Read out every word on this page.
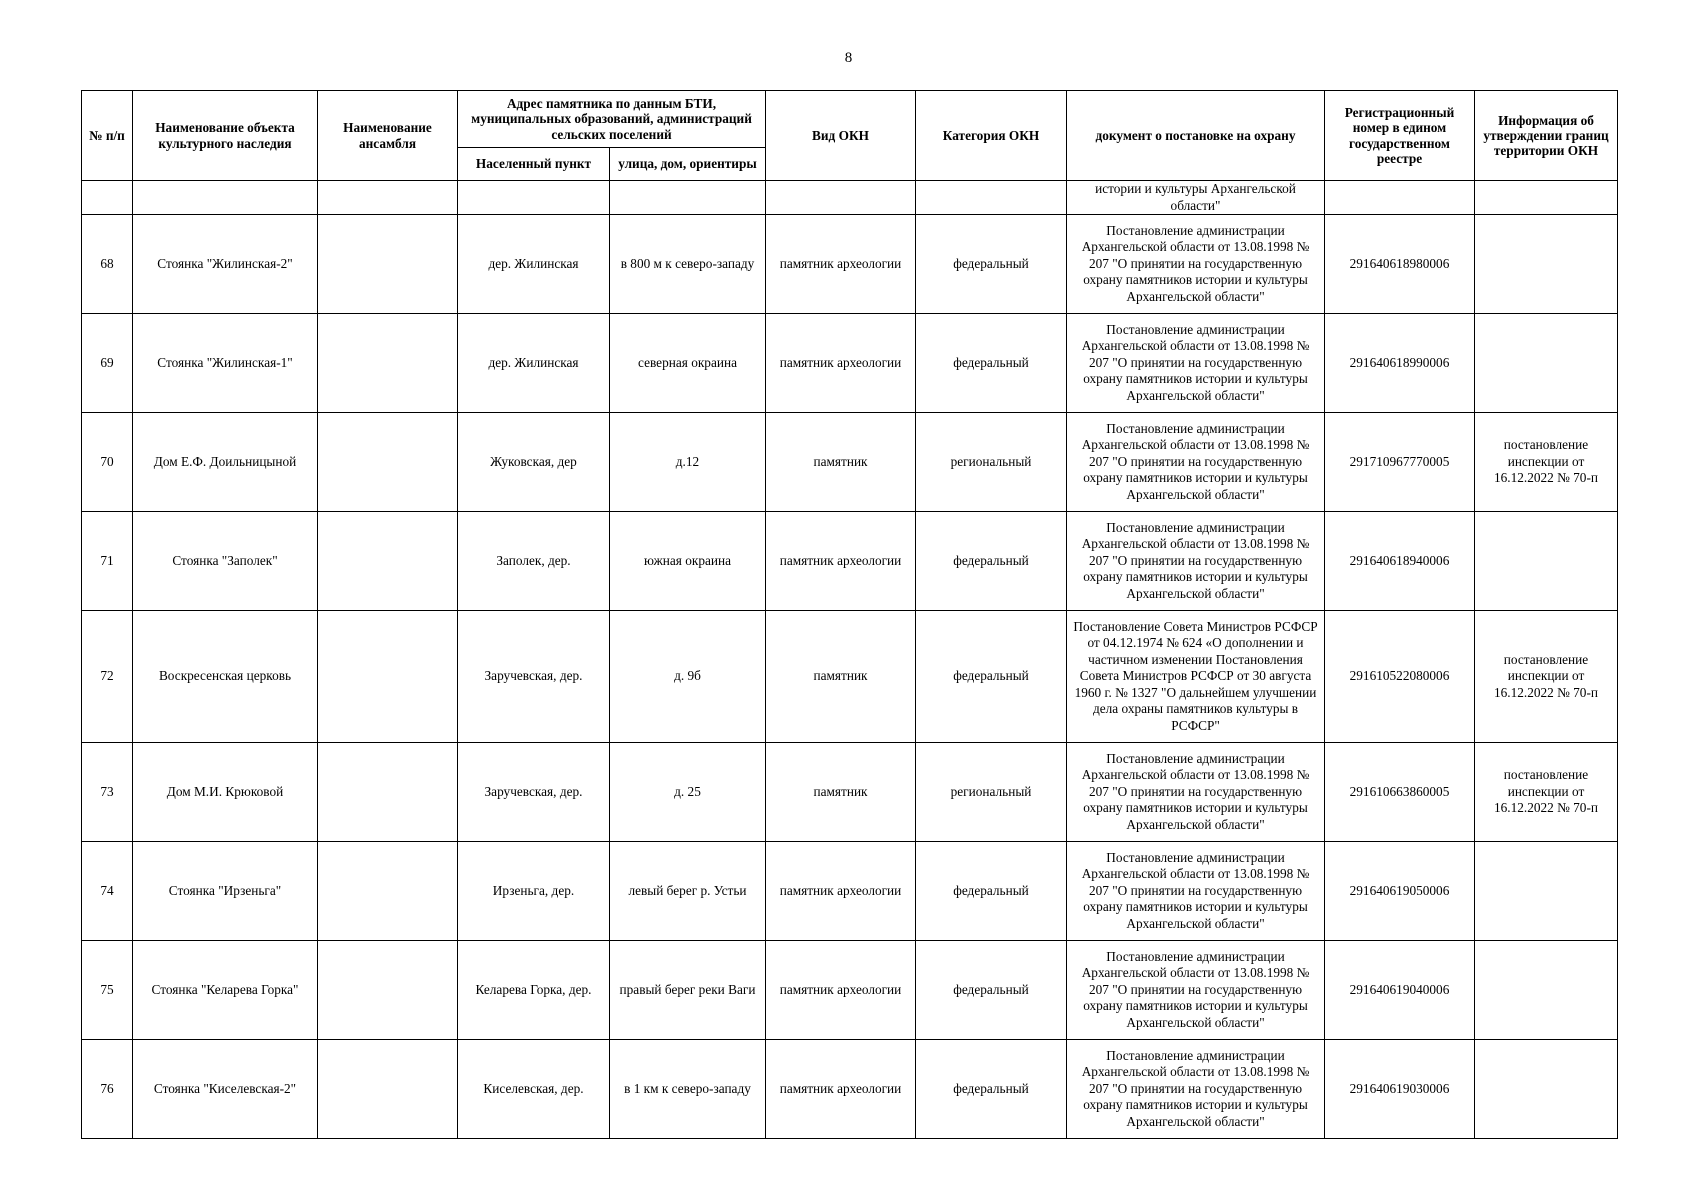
8
№ п/п	Наименование объекта культурного наследия	Наименование ансамбля	Адрес памятника по данным БТИ, муниципальных образований, администраций сельских поселений		Вид ОКН	Категория ОКН	документ о постановке на охрану	Регистрационный номер в едином государственном реестре	Информация об утверждении границ территории ОКН
			Населенный пункт	улица, дом, ориентиры					
							истории и культуры Архангельской области"		
68	Стоянка "Жилинская-2"		дер. Жилинская	в 800 м к северо-западу	памятник археологии	федеральный	Постановление администрации Архангельской области от 13.08.1998 № 207 "О принятии на государственную охрану памятников истории и культуры Архангельской области"	291640618980006	
69	Стоянка "Жилинская-1"		дер. Жилинская	северная окраина	памятник археологии	федеральный	Постановление администрации Архангельской области от 13.08.1998 № 207 "О принятии на государственную охрану памятников истории и культуры Архангельской области"	291640618990006	
70	Дом Е.Ф. Доильницыной		Жуковская, дер	д.12	памятник	региональный	Постановление администрации Архангельской области от 13.08.1998 № 207 "О принятии на государственную охрану памятников истории и культуры Архангельской области"	291710967770005	постановление инспекции от 16.12.2022 № 70-п
71	Стоянка "Заполек"		Заполек, дер.	южная окраина	памятник археологии	федеральный	Постановление администрации Архангельской области от 13.08.1998 № 207 "О принятии на государственную охрану памятников истории и культуры Архангельской области"	291640618940006	
72	Воскресенская церковь		Заручевская, дер.	д. 9б	памятник	федеральный	Постановление Совета Министров РСФСР от 04.12.1974 № 624 «О дополнении и частичном изменении Постановления Совета Министров РСФСР от 30 августа 1960 г. № 1327 "О дальнейшем улучшении дела охраны памятников культуры в РСФСР"	291610522080006	постановление инспекции от 16.12.2022 № 70-п
73	Дом М.И. Крюковой		Заручевская, дер.	д. 25	памятник	региональный	Постановление администрации Архангельской области от 13.08.1998 № 207 "О принятии на государственную охрану памятников истории и культуры Архангельской области"	291610663860005	постановление инспекции от 16.12.2022 № 70-п
74	Стоянка "Ирзеньга"		Ирзеньга, дер.	левый берег р. Устьи	памятник археологии	федеральный	Постановление администрации Архангельской области от 13.08.1998 № 207 "О принятии на государственную охрану памятников истории и культуры Архангельской области"	291640619050006	
75	Стоянка "Келарева Горка"		Келарева Горка, дер.	правый берег реки Ваги	памятник археологии	федеральный	Постановление администрации Архангельской области от 13.08.1998 № 207 "О принятии на государственную охрану памятников истории и культуры Архангельской области"	291640619040006	
76	Стоянка "Киселевская-2"		Киселевская, дер.	в 1 км к северо-западу	памятник археологии	федеральный	Постановление администрации Архангельской области от 13.08.1998 № 207 "О принятии на государственную охрану памятников истории и культуры Архангельской области"	291640619030006	
